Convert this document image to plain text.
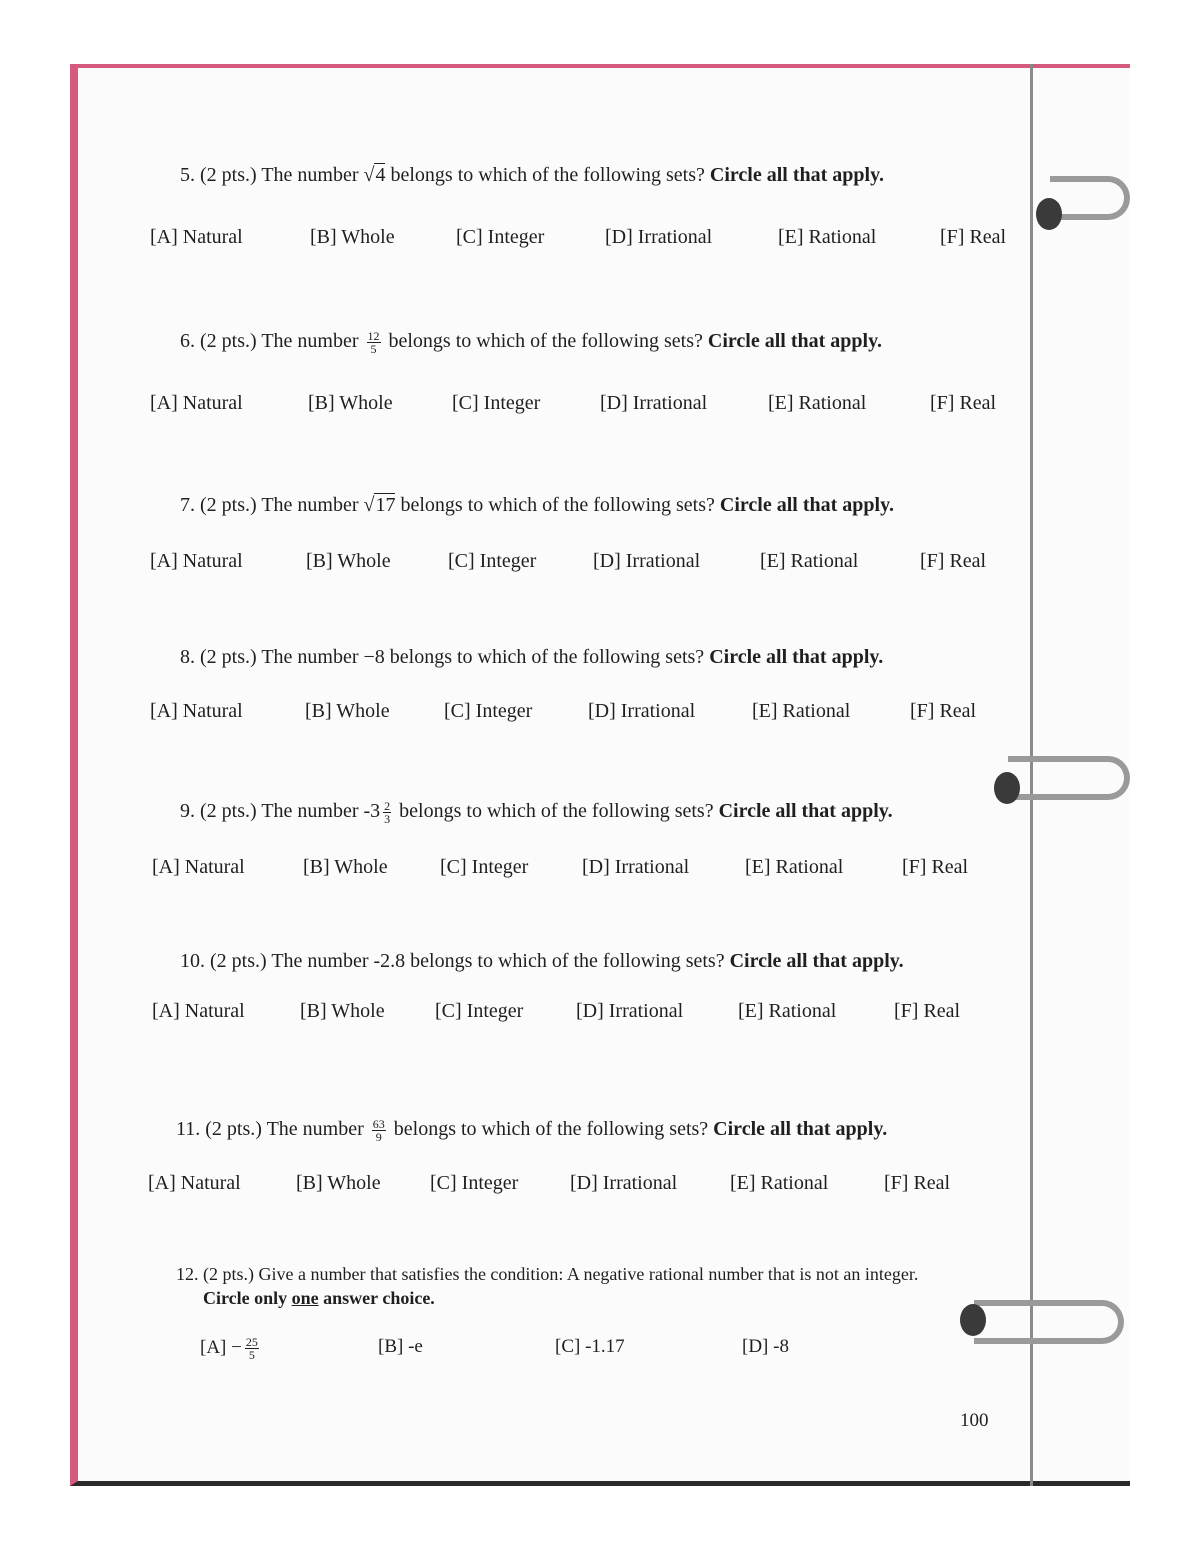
5. (2 pts.) The number √4 belongs to which of the following sets? Circle all that apply.
[A] Natural	[B] Whole	[C] Integer	[D] Irrational	[E] Rational	[F] Real
6. (2 pts.) The number $\frac{12}{5}$ belongs to which of the following sets? Circle all that apply.
[A] Natural	[B] Whole	[C] Integer	[D] Irrational	[E] Rational	[F] Real
7. (2 pts.) The number √17 belongs to which of the following sets? Circle all that apply.
[A] Natural	[B] Whole	[C] Integer	[D] Irrational	[E] Rational	[F] Real
8. (2 pts.) The number −8 belongs to which of the following sets? Circle all that apply.
[A] Natural	[B] Whole	[C] Integer	[D] Irrational	[E] Rational	[F] Real
9. (2 pts.) The number $-3 \frac{2}{3}$ belongs to which of the following sets? Circle all that apply.
[A] Natural	[B] Whole	[C] Integer	[D] Irrational	[E] Rational	[F] Real
10. (2 pts.) The number -2.8 belongs to which of the following sets? Circle all that apply.
[A] Natural	[B] Whole	[C] Integer	[D] Irrational	[E] Rational	[F] Real
11. (2 pts.) The number $\frac{63}{9}$ belongs to which of the following sets? Circle all that apply.
[A] Natural	[B] Whole [C] Integer	[D] Irrational	[E] Rational	[F] Real
12. (2 pts.) Give a number that satisfies the condition: A negative rational number that is not an integer.
Circle only one answer choice.
$[A] - \frac{25}{5}$	[B] -e	[C] -1.17	[D] -8
100
